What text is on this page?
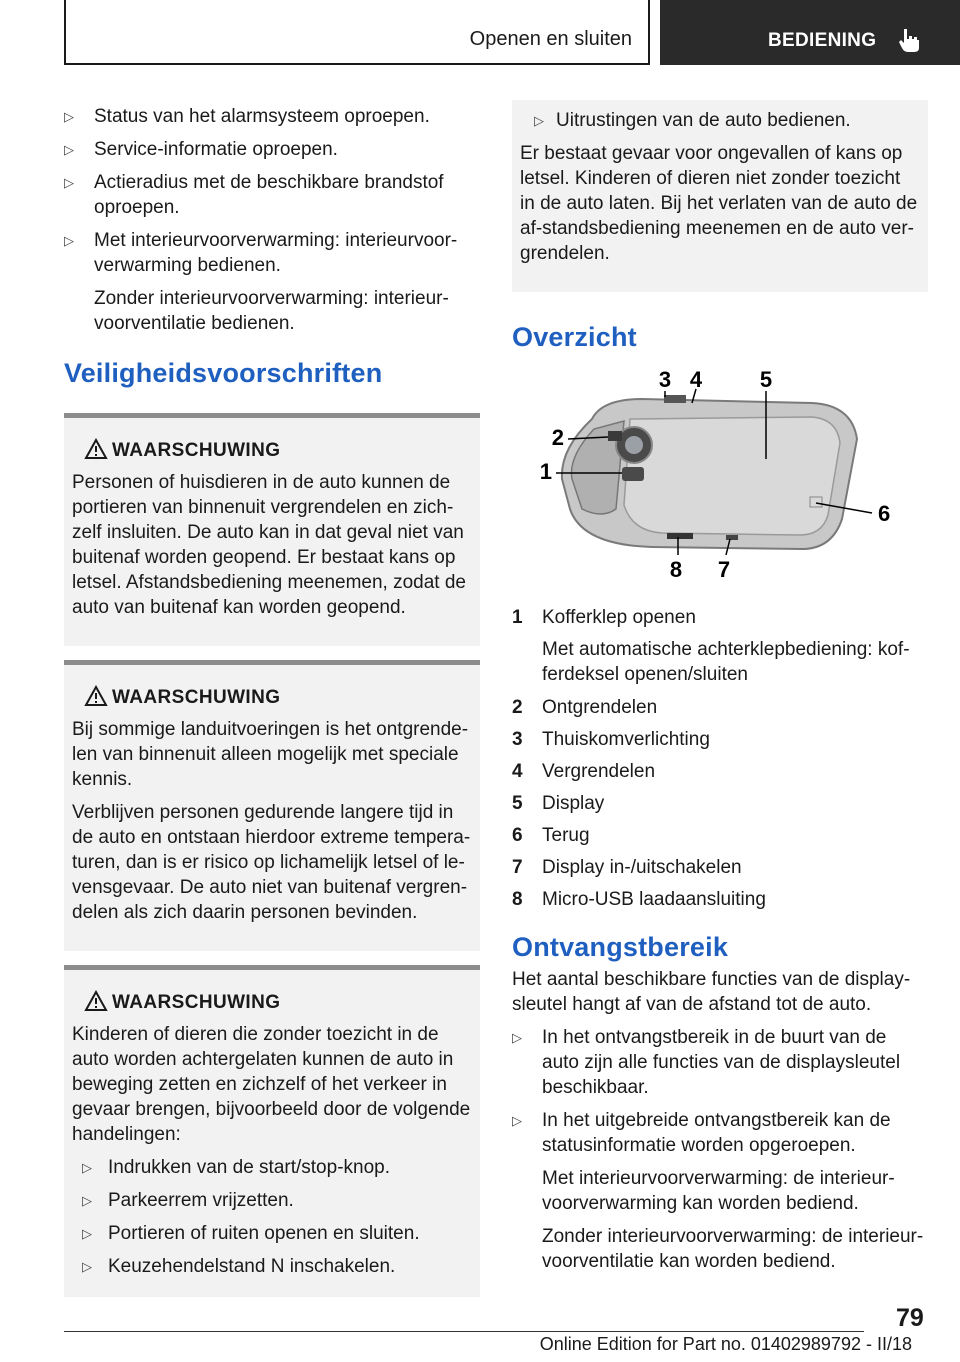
Openen en sluiten	BEDIENING
▷ Status van het alarmsysteem oproepen.
▷ Service-informatie oproepen.
▷ Actieradius met de beschikbare brandstof oproepen.
▷ Met interieurvoorverwarming: interieurvoor-verwarming bedienen.
Zonder interieurvoorverwarming: interieur-voorventilatie bedienen.
Veiligheidsvoorschriften
WAARSCHUWING
Personen of huisdieren in de auto kunnen de portieren van binnenuit vergrendelen en zich-zelf insluiten. De auto kan in dat geval niet van buitenaf worden geopend. Er bestaat kans op letsel. Afstandsbediening meenemen, zodat de auto van buitenaf kan worden geopend.
WAARSCHUWING
Bij sommige landuitvoeringen is het ontgrende-len van binnenuit alleen mogelijk met speciale kennis.
Verblijven personen gedurende langere tijd in de auto en ontstaan hierdoor extreme tempera-turen, dan is er risico op lichamelijk letsel of le-vensgevaar. De auto niet van buitenaf vergren-delen als zich daarin personen bevinden.
WAARSCHUWING
Kinderen of dieren die zonder toezicht in de auto worden achtergelaten kunnen de auto in beweging zetten en zichzelf of het verkeer in gevaar brengen, bijvoorbeeld door de volgende handelingen:
▷ Indrukken van de start/stop-knop.
▷ Parkeerrem vrijzetten.
▷ Portieren of ruiten openen en sluiten.
▷ Keuzehendelstand N inschakelen.
▷ Uitrustingen van de auto bedienen.
Er bestaat gevaar voor ongevallen of kans op letsel. Kinderen of dieren niet zonder toezicht in de auto laten. Bij het verlaten van de auto de af-standsbediening meenemen en de auto ver-grendelen.
Overzicht
1
2
3 4	5
6
7
8
1 Kofferklep openen
Met automatische achterklepbediening: kof-ferdeksel openen/sluiten
2 Ontgrendelen
3 Thuiskomverlichting
4 Vergrendelen
5 Display
6 Terug
7 Display in-/uitschakelen
8 Micro-USB laadaansluiting
Ontvangstbereik
Het aantal beschikbare functies van de display-sleutel hangt af van de afstand tot de auto.
▷ In het ontvangstbereik in de buurt van de auto zijn alle functies van de displaysleutel beschikbaar.
▷ In het uitgebreide ontvangstbereik kan de statusinformatie worden opgeroepen.
Met interieurvoorverwarming: de interieur-voorverwarming kan worden bediend.
Zonder interieurvoorverwarming: de interieur-voorventilatie kan worden bediend.
79
Online Edition for Part no. 01402989792 - II/18
